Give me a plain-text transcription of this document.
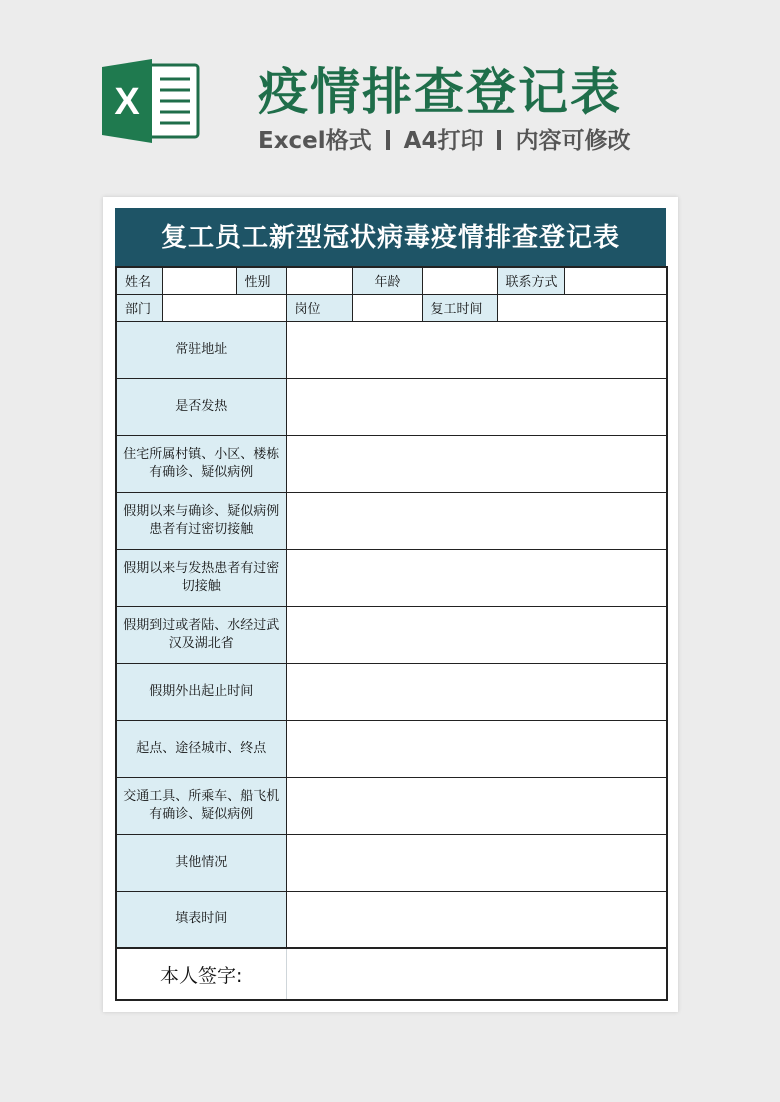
X 疫情排查登记表
Excel格式 A4打印 内容可修改
复工员工新型冠状病毒疫情排查登记表
姓名		性别		年龄		联系方式	
部门			岗位		复工时间		
常驻地址							
是否发热							
住宅所属村镇、小区、楼栋有确诊、疑似病例							
假期以来与确诊、疑似病例患者有过密切接触							
假期以来与发热患者有过密切接触							
假期到过或者陆、水经过武汉及湖北省							
假期外出起止时间							
起点、途径城市、终点							
交通工具、所乘车、船飞机有确诊、疑似病例							
其他情况							
填表时间							
本人签字:							
